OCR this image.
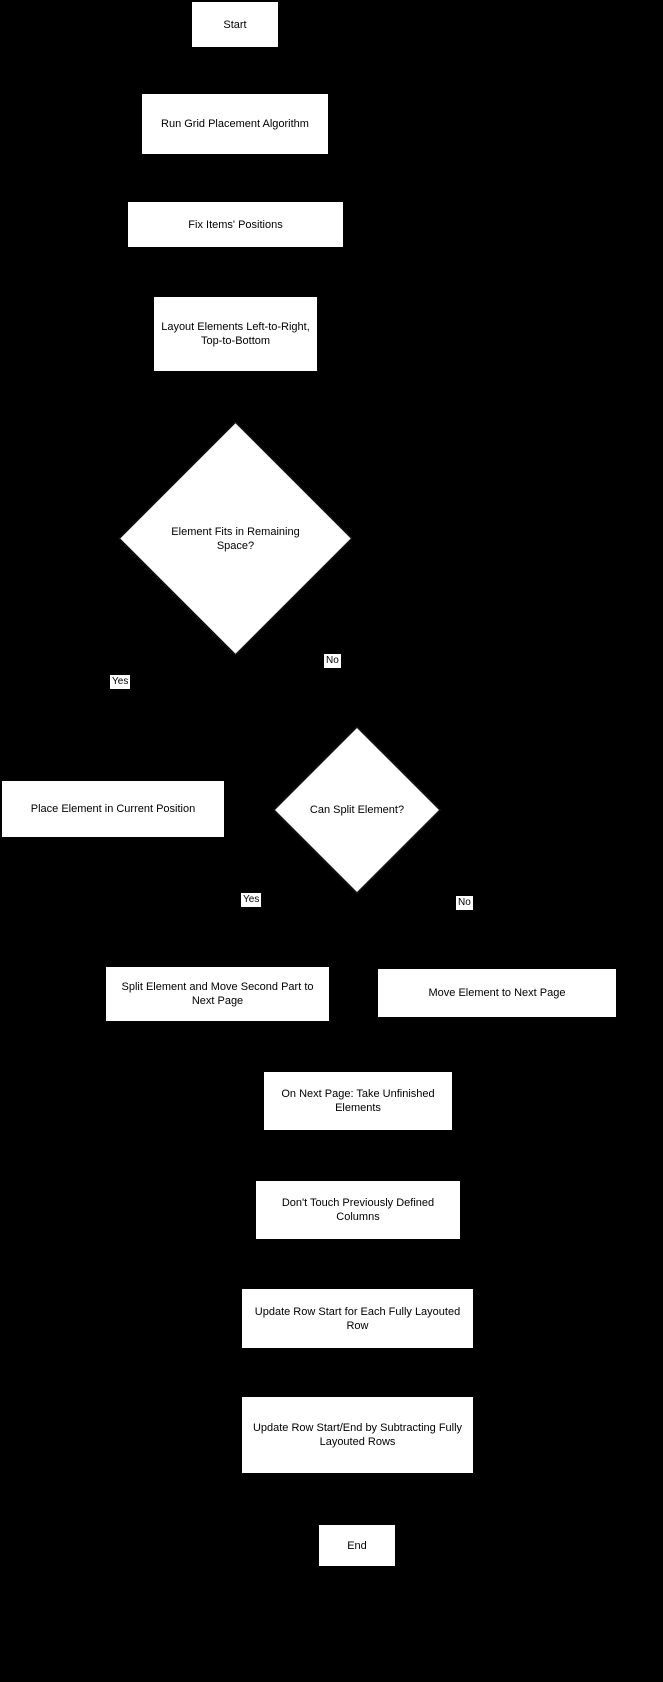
Start
Run Grid Placement Algorithm
Fix Items' Positions
Layout Elements Left-to-Right, Top-to-Bottom
Element Fits in Remaining Space?
No
Yes
Place Element in Current Position	Can Split Element?
Yes	No
Split Element and Move Second Part to Next Page
Move Element to Next Page
On Next Page: Take Unfinished Elements
Don't Touch Previously Defined Columns
Update Row Start for Each Fully Layouted Row
Update Row Start/End by Subtracting Fully Layouted Rows
End
